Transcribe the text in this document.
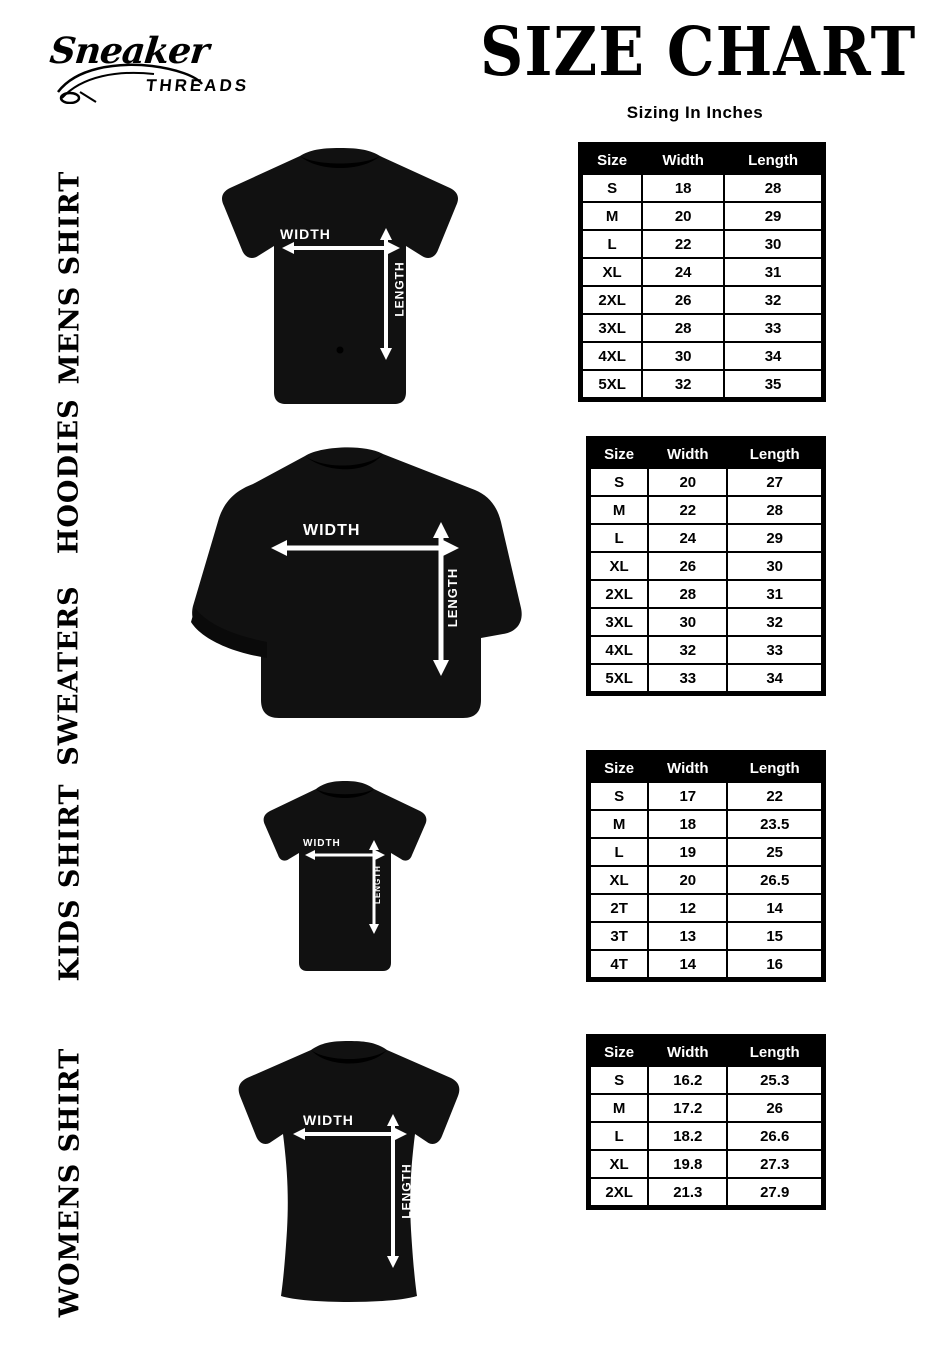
Sneaker
THREADS	SIZE CHART
Sizing In Inches
MENS SHIRT	WIDTH
LENGTH
Size	Width	Length
S	18	28
M	20	29
L	22	30
XL	24	31
2XL	26	32
3XL	28	33
4XL	30	34
5XL	32	35
SWEATERS   HOODIES	WIDTH
LENGTH
Size	Width	Length
S	20	27
M	22	28
L	24	29
XL	26	30
2XL	28	31
3XL	30	32
4XL	32	33
5XL	33	34
KIDS SHIRT	WIDTH
LENGTH
Size	Width	Length
S	17	22
M	18	23.5
L	19	25
XL	20	26.5
2T	12	14
3T	13	15
4T	14	16
WOMENS SHIRT	WIDTH
LENGTH
Size	Width	Length
S	16.2	25.3
M	17.2	26
L	18.2	26.6
XL	19.8	27.3
2XL	21.3	27.9
